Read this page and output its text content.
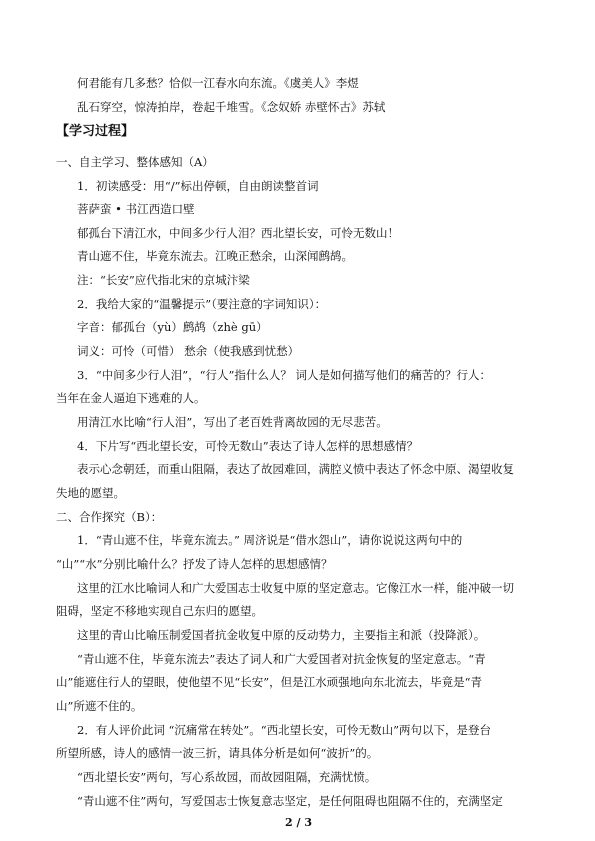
何君能有几多愁？恰似一江春水向东流。《虞美人》李煜
乱石穿空，惊涛拍岸，卷起千堆雪。《念奴娇 赤壁怀古》苏轼
【学习过程】
一、自主学习、整体感知（A）
1．初读感受：用“/”标出停顿，自由朗读整首词
菩萨蛮 • 书江西造口壁
郁孤台下清江水，中间多少行人泪？西北望长安，可怜无数山！
青山遮不住，毕竟东流去。江晚正愁余，山深闻鹧鸪。
注：“长安”应代指北宋的京城汴梁
2．我给大家的“温馨提示”（要注意的字词知识）：
字音：郁孤台（yù）鹧鸪（zhè gū）
词义：可怜（可惜） 愁余（使我感到忧愁）
3．“中间多少行人泪”，“行人”指什么人？ 词人是如何描写他们的痛苦的？行人：
当年在金人逼迫下逃难的人。
用清江水比喻“行人泪”，写出了老百姓背离故园的无尽悲苦。
4．下片写“西北望长安，可怜无数山”表达了诗人怎样的思想感情？
表示心念朝廷，而重山阻隔，表达了故园难回，满腔义愤中表达了怀念中原、渴望收复
失地的愿望。
二、合作探究（B）：
1．“青山遮不住，毕竟东流去。” 周济说是“借水怨山”，请你说说这两句中的
“山”“水”分别比喻什么？抒发了诗人怎样的思想感情？
这里的江水比喻词人和广大爱国志士收复中原的坚定意志。它像江水一样，能冲破一切
阻碍，坚定不移地实现自己东归的愿望。
这里的青山比喻压制爱国者抗金收复中原的反动势力，主要指主和派（投降派）。
“青山遮不住，毕竟东流去”表达了词人和广大爱国者对抗金恢复的坚定意志。“青
山”能遮住行人的望眼，使他望不见“长安”，但是江水顽强地向东北流去，毕竟是“青
山”所遮不住的。
2．有人评价此词 “沉痛常在转处”。“西北望长安，可怜无数山”两句以下，是登台
所望所感，诗人的感情一波三折，请具体分析是如何“波折”的。
“西北望长安”两句，写心系故园，而故园阻隔，充满忧愤。
“青山遮不住”两句，写爱国志士恢复意志坚定，是任何阻碍也阻隔不住的，充满坚定
2 / 3
